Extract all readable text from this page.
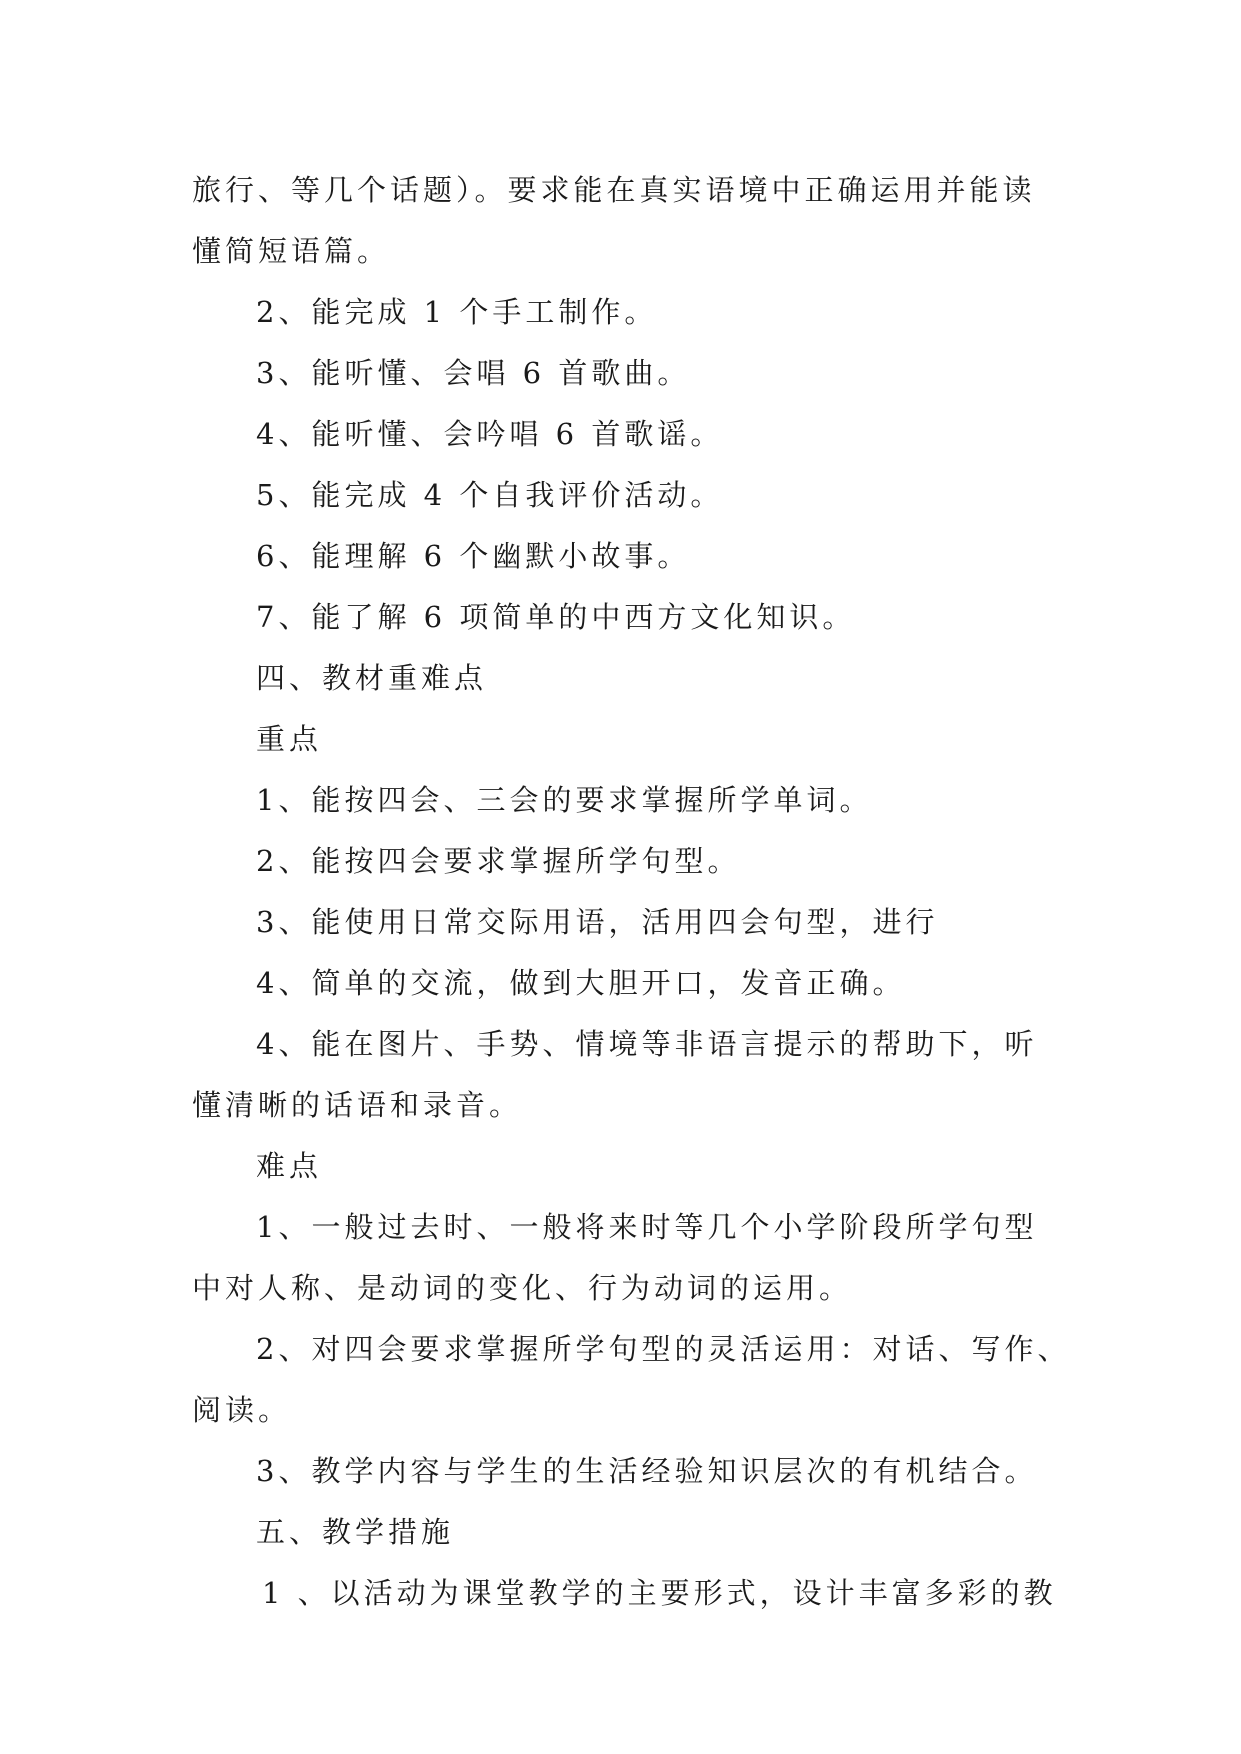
旅行、等几个话题）。要求能在真实语境中正确运用并能读
懂简短语篇。
2、能完成 1 个手工制作。
3、能听懂、会唱 6 首歌曲。
4、能听懂、会吟唱 6 首歌谣。
5、能完成 4 个自我评价活动。
6、能理解 6 个幽默小故事。
7、能了解 6 项简单的中西方文化知识。
四、教材重难点
重点
1、能按四会、三会的要求掌握所学单词。
2、能按四会要求掌握所学句型。
3、能使用日常交际用语，活用四会句型，进行
4、简单的交流，做到大胆开口，发音正确。
4、能在图片、手势、情境等非语言提示的帮助下，听
懂清晰的话语和录音。
难点
1、一般过去时、一般将来时等几个小学阶段所学句型
中对人称、是动词的变化、行为动词的运用。
2、对四会要求掌握所学句型的灵活运用：对话、写作、
阅读。
3、教学内容与学生的生活经验知识层次的有机结合。
五、教学措施
1 、以活动为课堂教学的主要形式，设计丰富多彩的教
